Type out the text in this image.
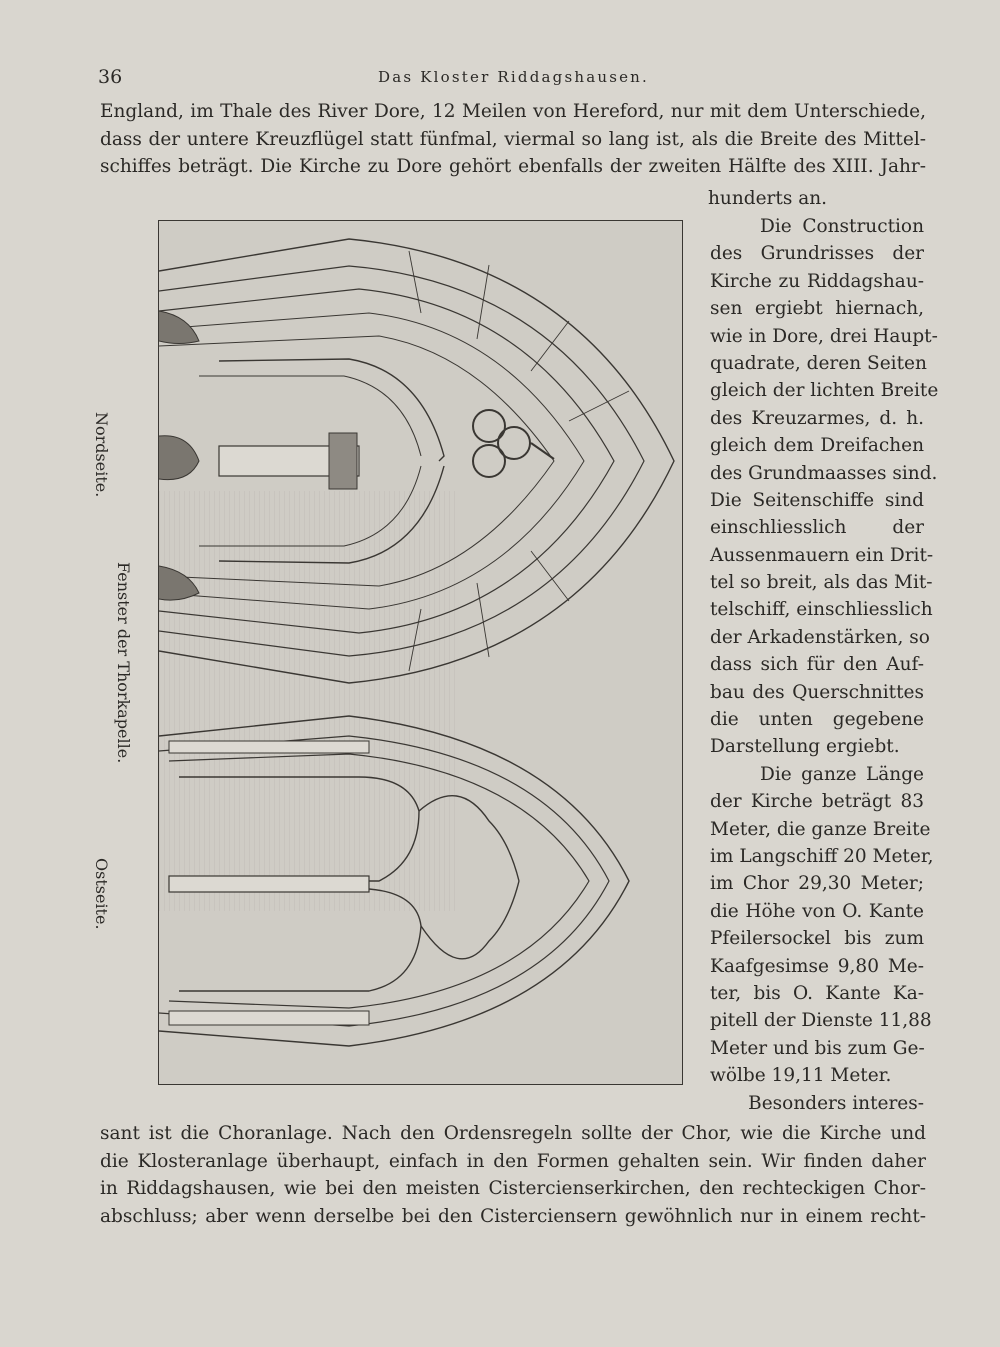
36	Das Kloster Riddagshausen.
England, im Thale des River Dore, 12 Meilen von Hereford, nur mit dem Unterschiede,
dass der untere Kreuzflügel statt fünfmal, viermal so lang ist, als die Breite des Mittel-
schiffes beträgt. Die Kirche zu Dore gehört ebenfalls der zweiten Hälfte des XIII. Jahr-
hunderts an.
Die Construction
des Grundrisses der
Kirche zu Riddagshau-
sen ergiebt hiernach,
wie in Dore, drei Haupt-
quadrate, deren Seiten
gleich der lichten Breite
des Kreuzarmes, d. h.
gleich dem Dreifachen
des Grundmaasses sind.
Die Seitenschiffe sind
einschliesslich der
Aussenmauern ein Drit-
tel so breit, als das Mit-
telschiff, einschliesslich
der Arkadenstärken, so
dass sich für den Auf-
bau des Querschnittes
die unten gegebene
Darstellung ergiebt.
Die ganze Länge
der Kirche beträgt 83
Meter, die ganze Breite
im Langschiff 20 Meter,
im Chor 29,30 Meter;
die Höhe von O. Kante
Pfeilersockel bis zum
Kaafgesimse 9,80 Me-
ter, bis O. Kante Ka-
pitell der Dienste 11,88
Meter und bis zum Ge-
wölbe 19,11 Meter.
Besonders interes-
sant ist die Choranlage. Nach den Ordensregeln sollte der Chor, wie die Kirche und
die Klosteranlage überhaupt, einfach in den Formen gehalten sein. Wir finden daher
in Riddagshausen, wie bei den meisten Cistercienserkirchen, den rechteckigen Chor-
abschluss; aber wenn derselbe bei den Cisterciensern gewöhnlich nur in einem recht-
Nordseite.
Fenster der Thorkapelle.
Ostseite.
